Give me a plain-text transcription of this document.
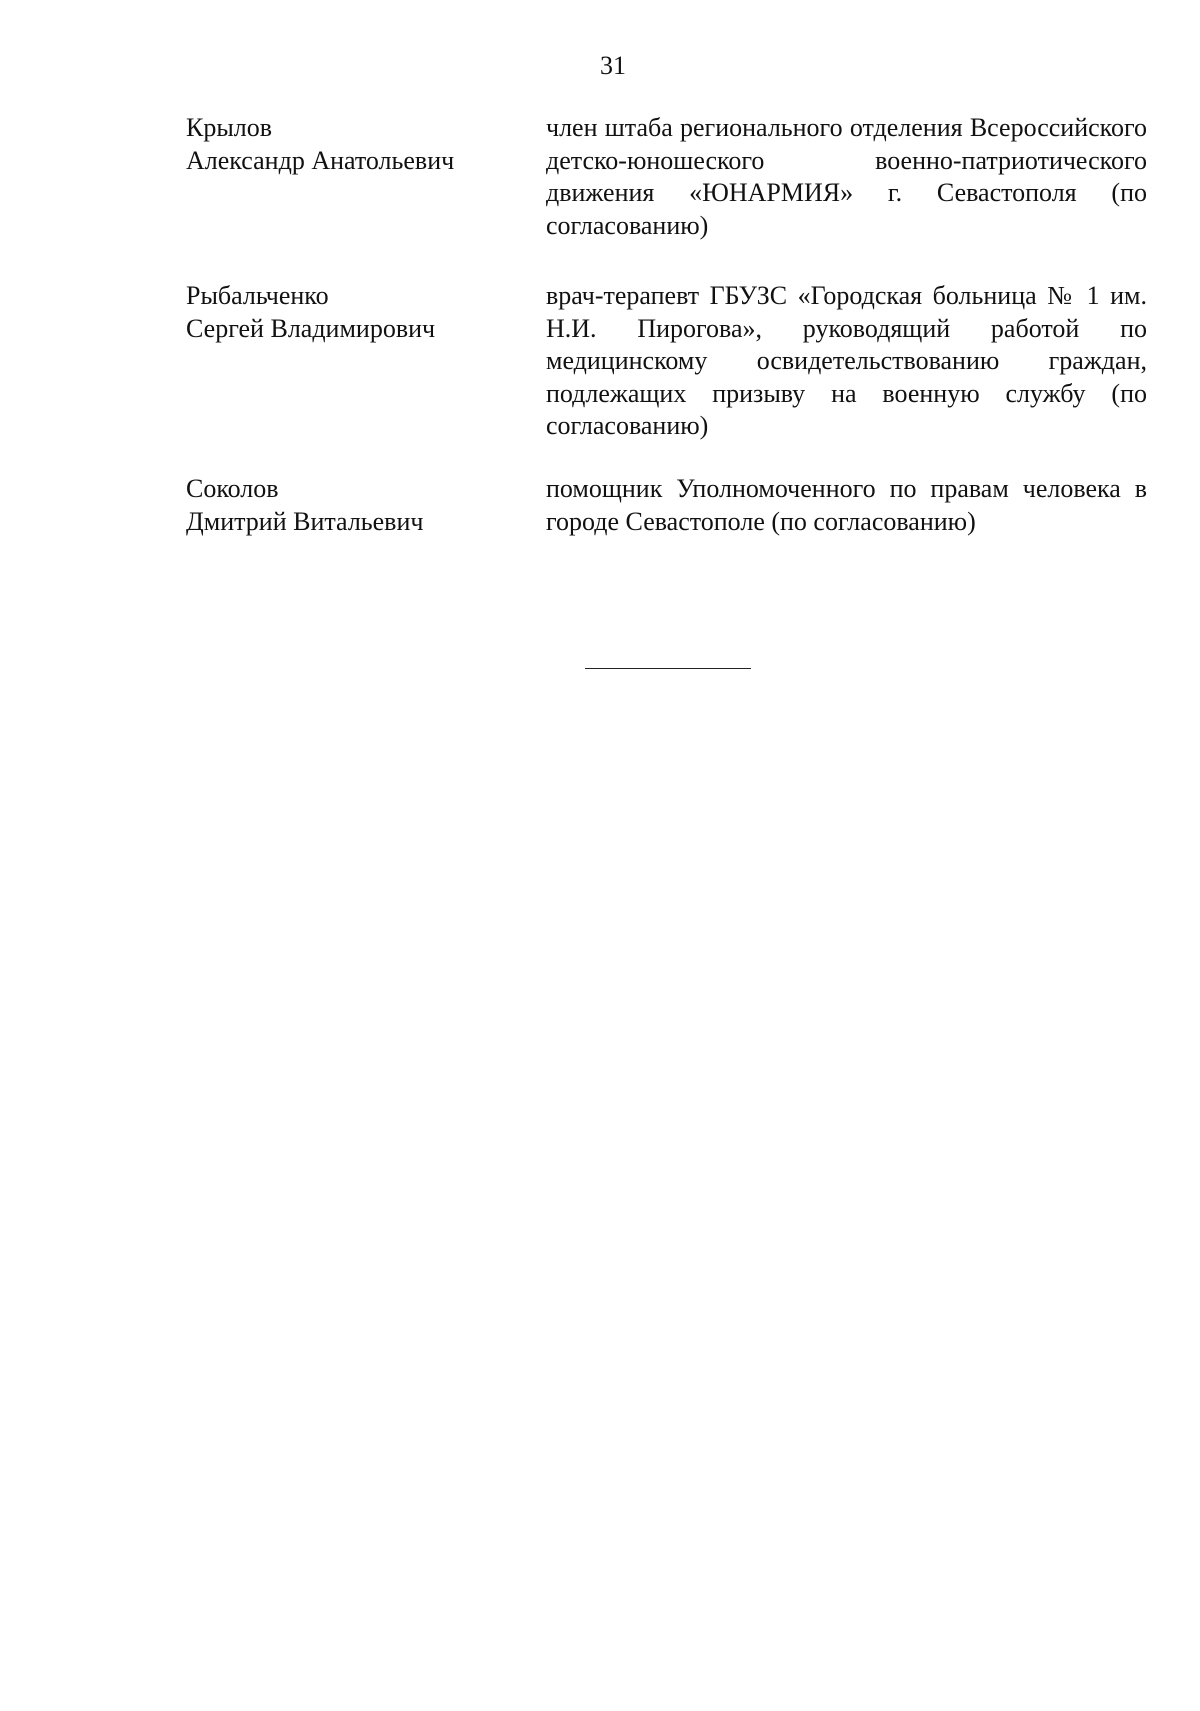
31
Крылов
Александр Анатольевич
член штаба регионального отделения Всероссийского детско-юношеского военно-патриотического движения «ЮНАРМИЯ» г. Севастополя (по согласованию)
Рыбальченко
Сергей Владимирович
врач-терапевт ГБУЗС «Городская больница № 1 им. Н.И. Пирогова», руководящий работой по медицинскому освидетельствованию граждан, подлежащих призыву на военную службу (по согласованию)
Соколов
Дмитрий Витальевич
помощник Уполномоченного по правам человека в городе Севастополе (по согласованию)
